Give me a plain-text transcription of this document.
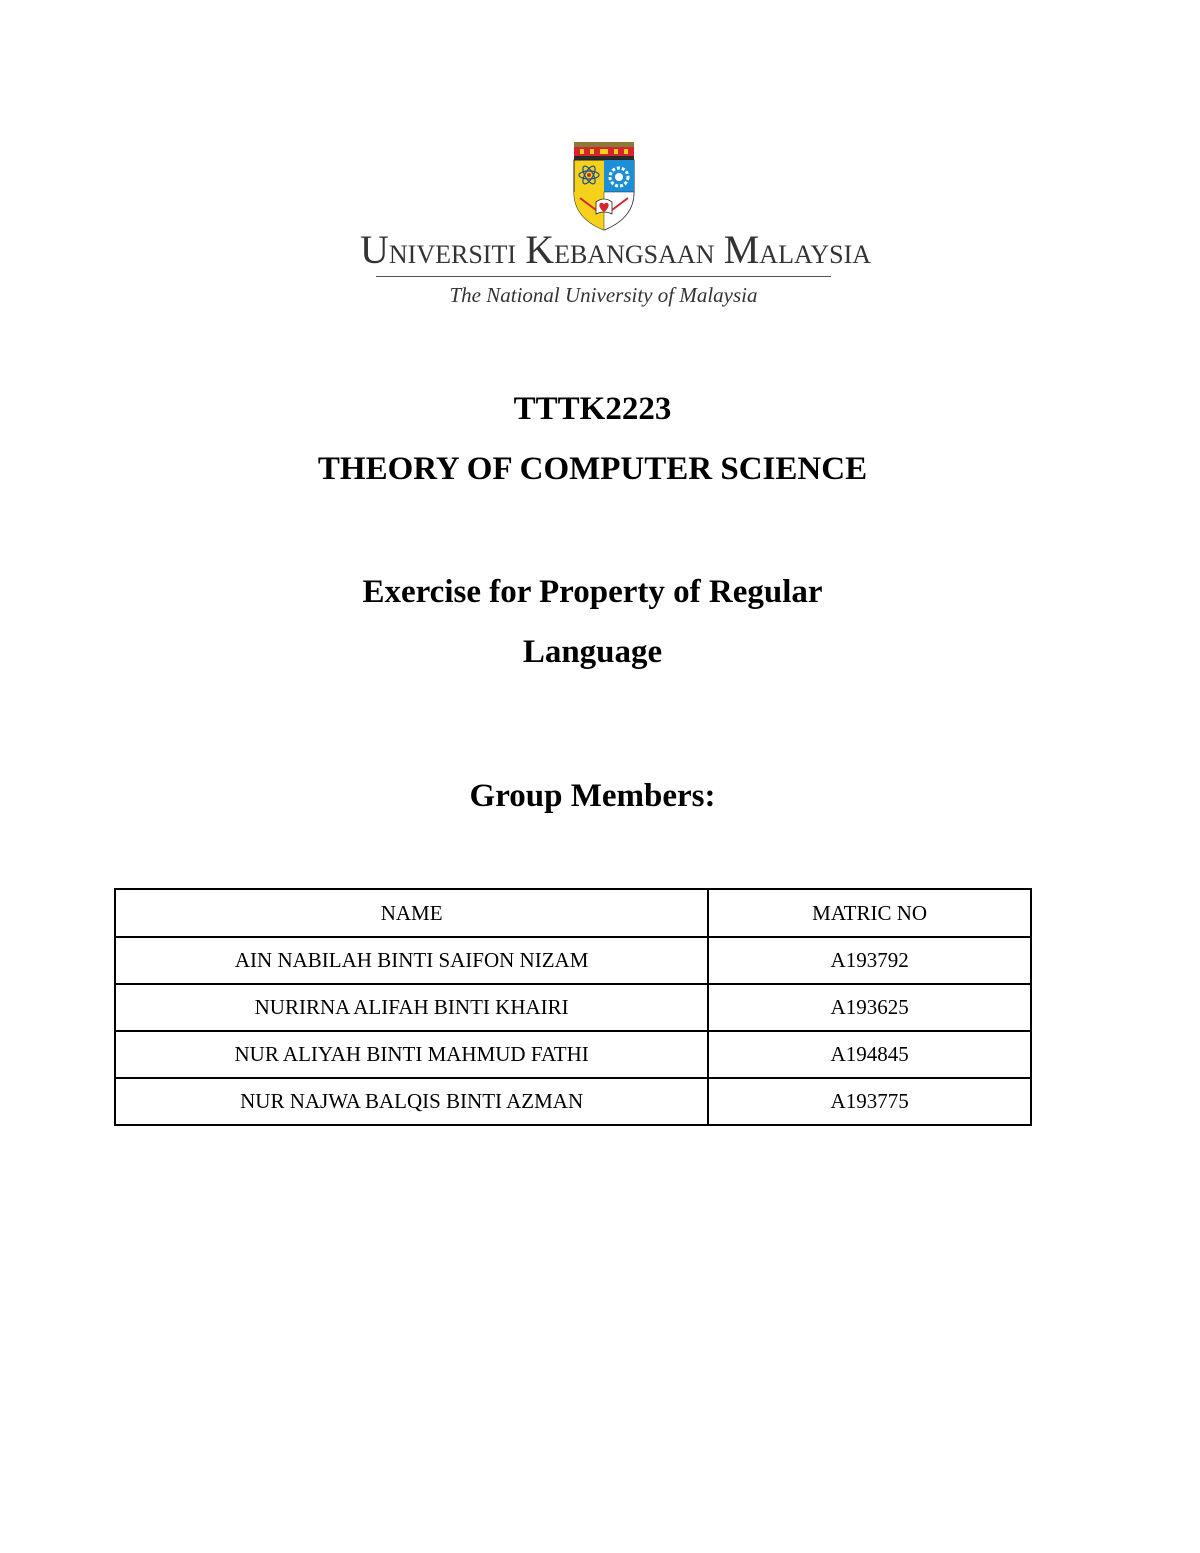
UNIVERSITI KEBANGSAAN MALAYSIA
The National University of Malaysia
TTTK2223
THEORY OF COMPUTER SCIENCE
Exercise for Property of Regular
Language
Group Members:
NAME	MATRIC NO
AIN NABILAH BINTI SAIFON NIZAM	A193792
NURIRNA ALIFAH BINTI KHAIRI	A193625
NUR ALIYAH BINTI MAHMUD FATHI	A194845
NUR NAJWA BALQIS BINTI AZMAN	A193775
